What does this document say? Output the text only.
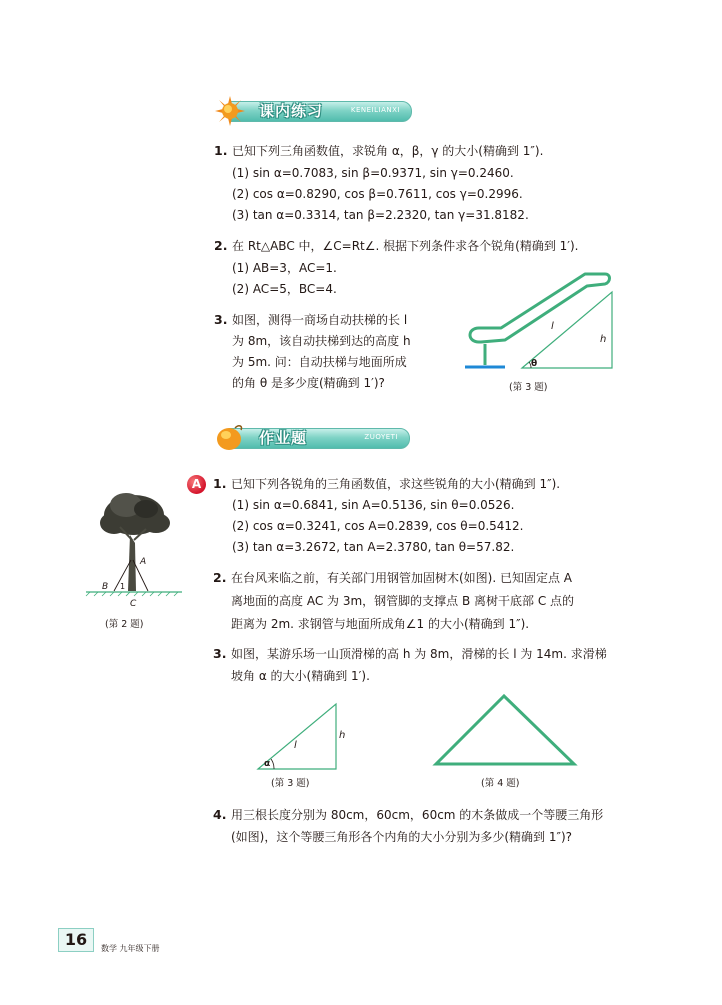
课内练习	KENEILIANXI
1. 已知下列三角函数值，求锐角 α，β，γ 的大小(精确到 1″).
(1) sin α=0.7083, sin β=0.9371, sin γ=0.2460.
(2) cos α=0.8290, cos β=0.7611, cos γ=0.2996.
(3) tan α=0.3314, tan β=2.2320, tan γ=31.8182.
2. 在 Rt△ABC 中，∠C=Rt∠. 根据下列条件求各个锐角(精确到 1′).
(1) AB=3，AC=1.
(2) AC=5，BC=4.
3. 如图，测得一商场自动扶梯的长 l
为 8m，该自动扶梯到达的高度 h
为 5m. 问：自动扶梯与地面所成
的角 θ 是多少度(精确到 1′)?
l
h
θ
(第 3 题)
作业题	ZUOYETI
A 1. 已知下列各锐角的三角函数值，求这些锐角的大小(精确到 1″).
(1) sin α=0.6841, sin A=0.5136, sin θ=0.0526.
(2) cos α=0.3241, cos A=0.2839, cos θ=0.5412.
(3) tan α=3.2672, tan A=2.3780, tan θ=57.82.
A
B 1
C
(第 2 题)
2. 在台风来临之前，有关部门用钢管加固树木(如图). 已知固定点 A
离地面的高度 AC 为 3m，钢管脚的支撑点 B 离树干底部 C 点的
距离为 2m. 求钢管与地面所成角∠1 的大小(精确到 1″).
3. 如图，某游乐场一山顶滑梯的高 h 为 8m，滑梯的长 l 为 14m. 求滑梯
坡角 α 的大小(精确到 1′).
l
h
α
(第 3 题)	(第 4 题)
4. 用三根长度分别为 80cm，60cm，60cm 的木条做成一个等腰三角形
(如图)，这个等腰三角形各个内角的大小分别为多少(精确到 1″)?
16	数学 九年级下册
